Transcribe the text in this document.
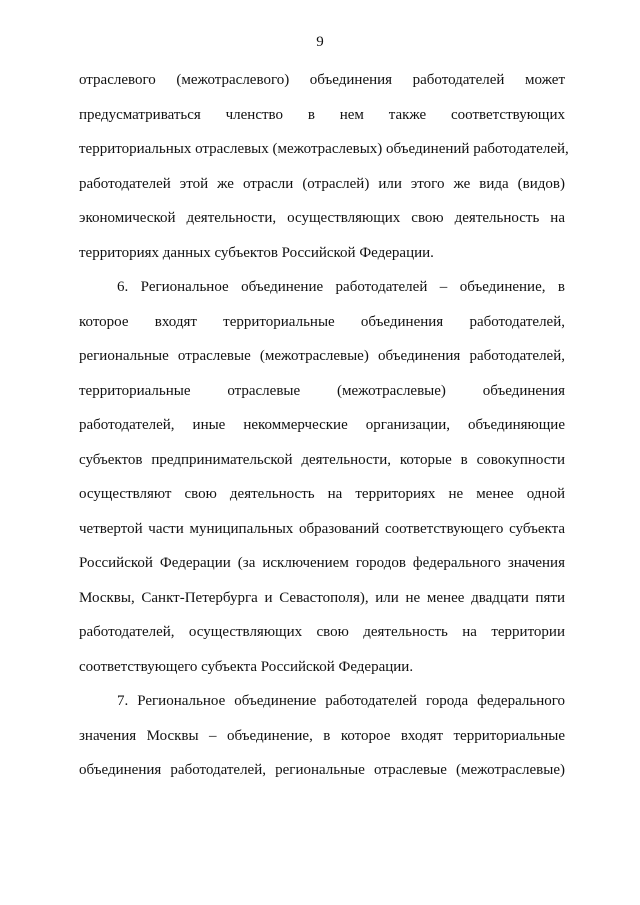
9
отраслевого (межотраслевого) объединения работодателей может
предусматриваться членство в нем также соответствующих
территориальных отраслевых (межотраслевых) объединений работодателей,
работодателей этой же отрасли (отраслей) или этого же вида (видов)
экономической деятельности, осуществляющих свою деятельность на
территориях данных субъектов Российской Федерации.
6. Региональное объединение работодателей – объединение, в
которое входят территориальные объединения работодателей,
региональные отраслевые (межотраслевые) объединения работодателей,
территориальные отраслевые (межотраслевые) объединения
работодателей, иные некоммерческие организации, объединяющие
субъектов предпринимательской деятельности, которые в совокупности
осуществляют свою деятельность на территориях не менее одной
четвертой части муниципальных образований соответствующего субъекта
Российской Федерации (за исключением городов федерального значения
Москвы, Санкт-Петербурга и Севастополя), или не менее двадцати пяти
работодателей, осуществляющих свою деятельность на территории
соответствующего субъекта Российской Федерации.
7. Региональное объединение работодателей города федерального
значения Москвы – объединение, в которое входят территориальные
объединения работодателей, региональные отраслевые (межотраслевые)
